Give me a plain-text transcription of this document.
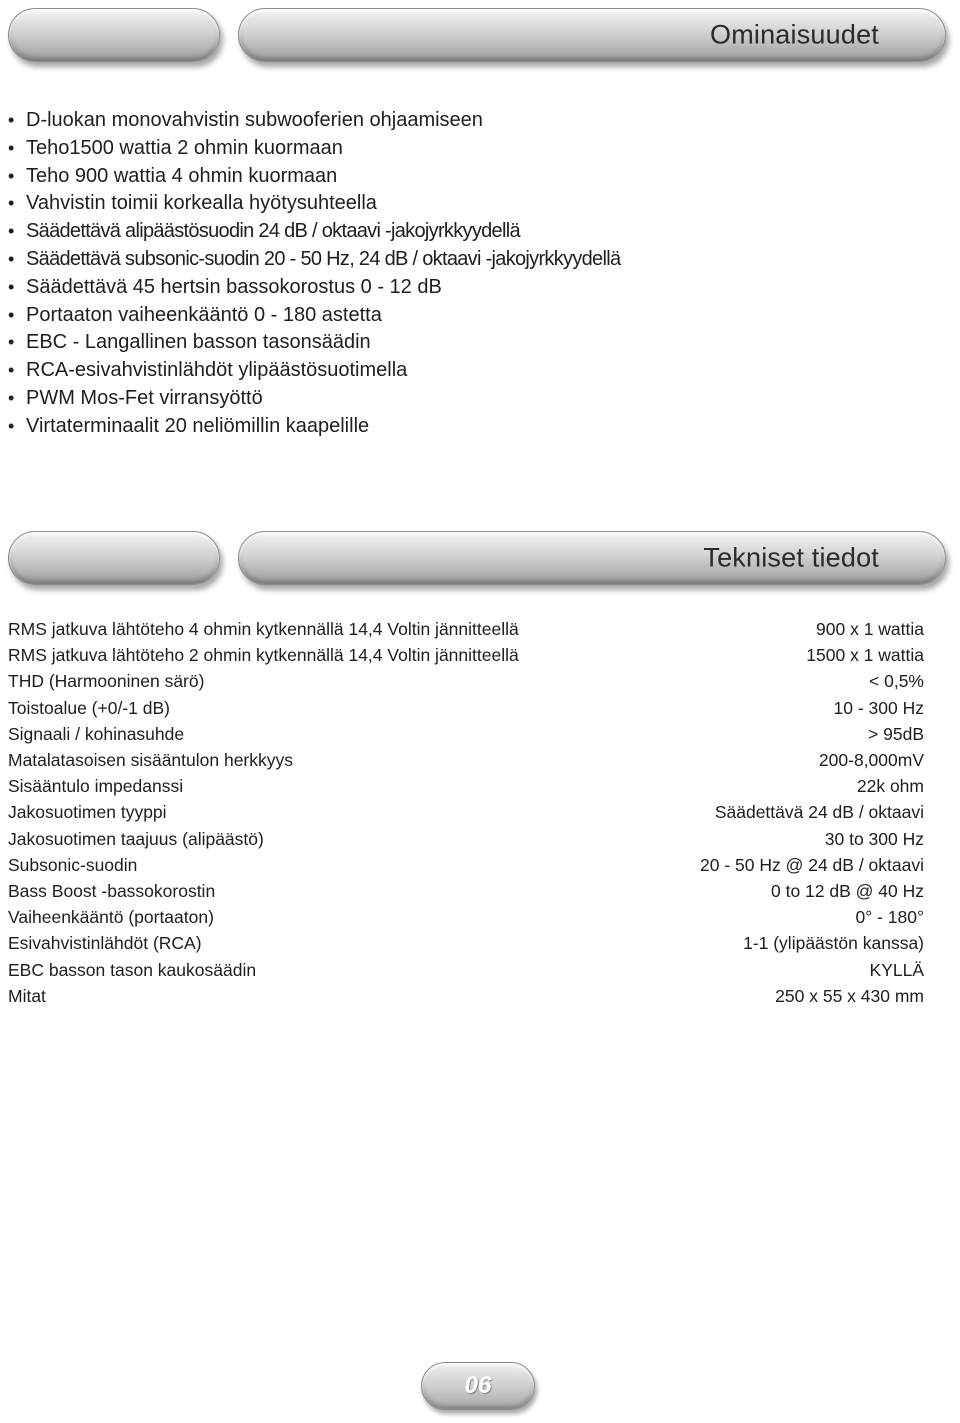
Ominaisuudet
• D-luokan monovahvistin subwooferien ohjaamiseen
• Teho1500 wattia 2 ohmin kuormaan
• Teho 900 wattia 4 ohmin kuormaan
• Vahvistin toimii korkealla hyötysuhteella
• Säädettävä alipäästösuodin 24 dB / oktaavi -jakojyrkkyydellä
• Säädettävä subsonic-suodin 20 - 50 Hz, 24 dB / oktaavi -jakojyrkkyydellä
• Säädettävä 45 hertsin bassokorostus 0 - 12 dB
• Portaaton vaiheenkääntö 0 - 180 astetta
• EBC - Langallinen basson tasonsäädin
• RCA-esivahvistinlähdöt ylipäästösuotimella
• PWM Mos-Fet virransyöttö
• Virtaterminaalit 20 neliömillin kaapelille
Tekniset tiedot
RMS jatkuva lähtöteho 4 ohmin kytkennällä 14,4 Voltin jännitteellä	900 x 1 wattia
RMS jatkuva lähtöteho 2 ohmin kytkennällä 14,4 Voltin jännitteellä	1500 x 1 wattia
THD (Harmooninen särö)	< 0,5%
Toistoalue (+0/-1 dB)	10 - 300 Hz
Signaali / kohinasuhde	> 95dB
Matalatasoisen sisääntulon herkkyys	200-8,000mV
Sisääntulo impedanssi	22k ohm
Jakosuotimen tyyppi	Säädettävä 24 dB / oktaavi
Jakosuotimen taajuus (alipäästö)	30 to 300 Hz
Subsonic-suodin	20 - 50 Hz @ 24 dB / oktaavi
Bass Boost -bassokorostin	0 to 12 dB @ 40 Hz
Vaiheenkääntö (portaaton)	0° - 180°
Esivahvistinlähdöt (RCA)	1-1 (ylipäästön kanssa)
EBC basson tason kaukosäädin	KYLLÄ
Mitat	250 x 55 x 430 mm
06
